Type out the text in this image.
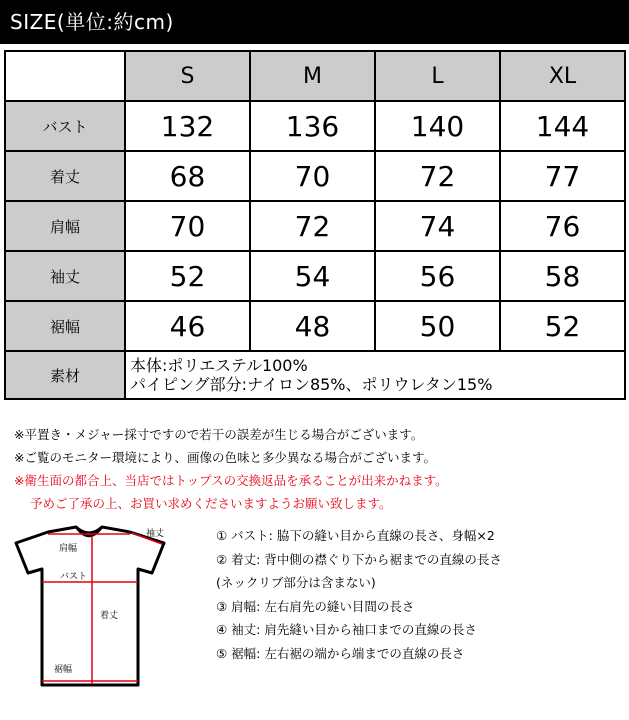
SIZE(単位:約cm)
	S	M	L	XL
バスト	132	136	140	144
着丈	68	70	72	77
肩幅	70	72	74	76
袖丈	52	54	56	58
裾幅	46	48	50	52
素材	本体:ポリエステル100%
パイピング部分:ナイロン85%、ポリウレタン15%			
※平置き・メジャー採寸ですので若干の誤差が生じる場合がございます。
※ご覧のモニター環境により、画像の色味と多少異なる場合がございます。
※衛生面の都合上、当店ではトップスの交換返品を承ることが出来かねます。
予めご了承の上、お買い求めくださいますようお願い致します。
肩幅
袖丈
バスト
着丈
裾幅
① バスト: 脇下の縫い目から直線の長さ、身幅×2
② 着丈: 背中側の襟ぐり下から裾までの直線の長さ
(ネックリブ部分は含まない)
③ 肩幅: 左右肩先の縫い目間の長さ
④ 袖丈: 肩先縫い目から袖口までの直線の長さ
⑤ 裾幅: 左右裾の端から端までの直線の長さ
